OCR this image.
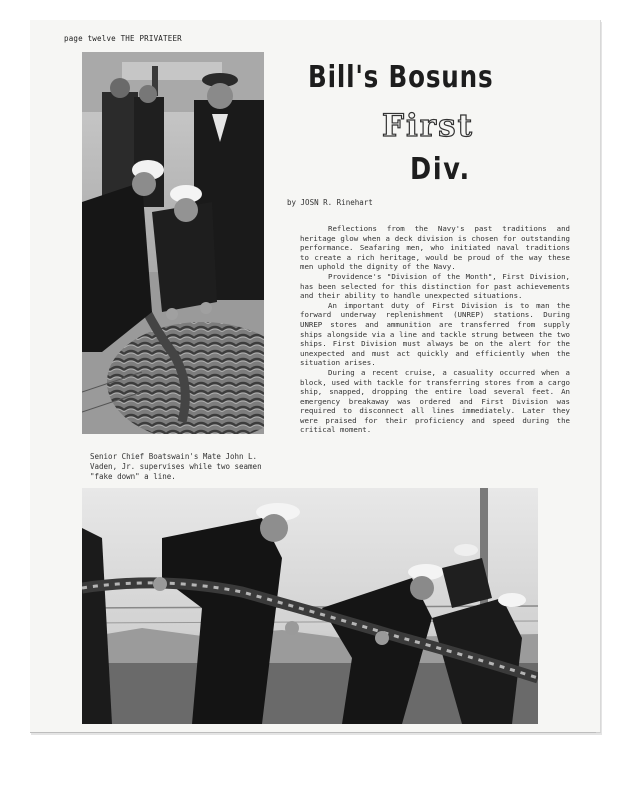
page twelve THE PRIVATEER
Senior Chief Boatswain's Mate John L. Vaden, Jr. supervises while two seamen "fake down" a line.
Bill's Bosuns
First
Div.
by JOSN R. Rinehart

Reflections from the Navy's past traditions and heritage glow when a deck division is chosen for outstanding performance. Seafaring men, who initiated naval traditions to create a rich heritage, would be proud of the way these men uphold the dignity of the Navy.

Providence's "Division of the Month", First Division, has been selected for this distinction for past achievements and their ability to handle unexpected situations.

An important duty of First Division is to man the forward underway replenishment (UNREP) stations. During UNREP stores and ammunition are transferred from supply ships alongside via a line and tackle strung between the two ships. First Division must always be on the alert for the unexpected and must act quickly and efficiently when the situation arises.

During a recent cruise, a casuality occurred when a block, used with tackle for transferring stores from a cargo ship, snapped, dropping the entire load several feet. An emergency breakaway was ordered and First Division was required to disconnect all lines immediately. Later they were praised for their proficiency and speed during the critical moment.
